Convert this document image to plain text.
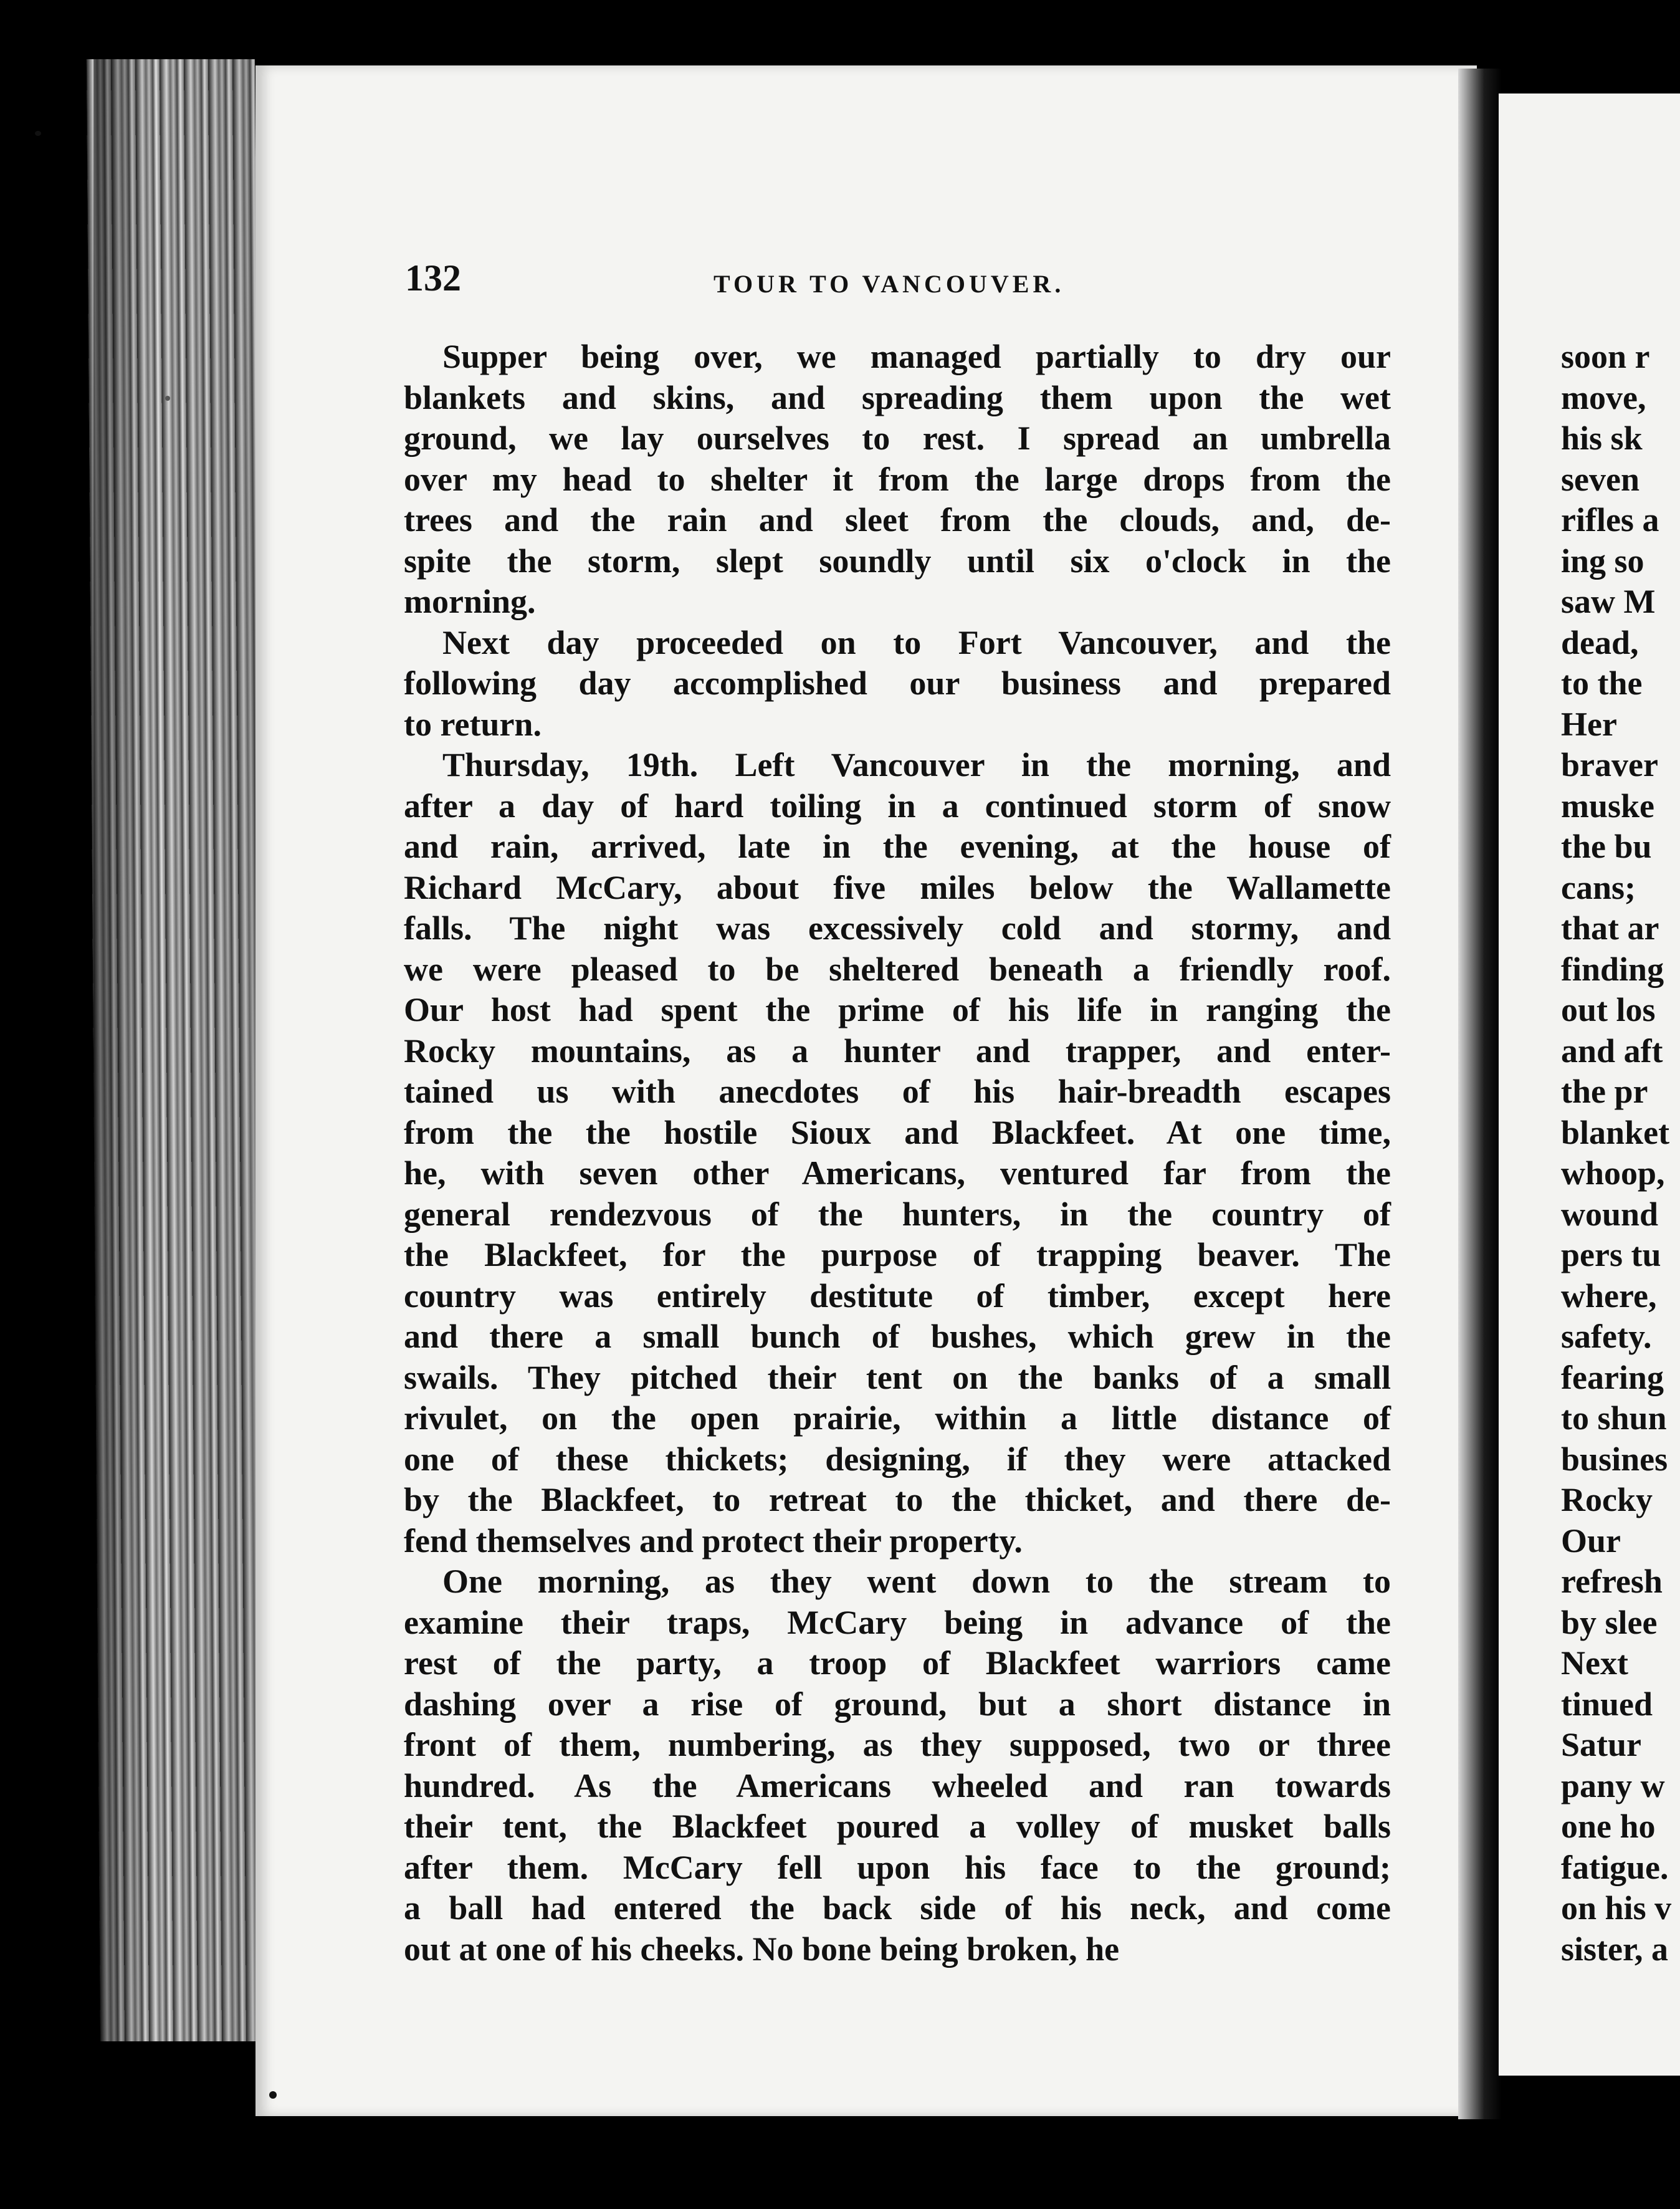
132	TOUR TO VANCOUVER.
Supper being over, we managed partially to dry our
blankets and skins, and spreading them upon the wet
ground, we lay ourselves to rest. I spread an umbrella
over my head to shelter it from the large drops from the
trees and the rain and sleet from the clouds, and, de-
spite the storm, slept soundly until six o'clock in the
morning.
Next day proceeded on to Fort Vancouver, and the
following day accomplished our business and prepared
to return.
Thursday, 19th. Left Vancouver in the morning, and
after a day of hard toiling in a continued storm of snow
and rain, arrived, late in the evening, at the house of
Richard McCary, about five miles below the Wallamette
falls. The night was excessively cold and stormy, and
we were pleased to be sheltered beneath a friendly roof.
Our host had spent the prime of his life in ranging the
Rocky mountains, as a hunter and trapper, and enter-
tained us with anecdotes of his hair-breadth escapes
from the the hostile Sioux and Blackfeet. At one time,
he, with seven other Americans, ventured far from the
general rendezvous of the hunters, in the country of
the Blackfeet, for the purpose of trapping beaver. The
country was entirely destitute of timber, except here
and there a small bunch of bushes, which grew in the
swails. They pitched their tent on the banks of a small
rivulet, on the open prairie, within a little distance of
one of these thickets; designing, if they were attacked
by the Blackfeet, to retreat to the thicket, and there de-
fend themselves and protect their property.
One morning, as they went down to the stream to
examine their traps, McCary being in advance of the
rest of the party, a troop of Blackfeet warriors came
dashing over a rise of ground, but a short distance in
front of them, numbering, as they supposed, two or three
hundred. As the Americans wheeled and ran towards
their tent, the Blackfeet poured a volley of musket balls
after them. McCary fell upon his face to the ground;
a ball had entered the back side of his neck, and come
out at one of his cheeks. No bone being broken, he
soon r
move,
his sk
seven
rifles a
ing so
saw M
dead,
to the
Her
braver
muske
the bu
cans;
that ar
finding
out los
and aft
the pr
blanket
whoop,
wound
pers tu
where,
safety.
fearing
to shun
busines
Rocky
Our
refresh
by slee
Next
tinued
Satur
pany w
one ho
fatigue.
on his v
sister, a
